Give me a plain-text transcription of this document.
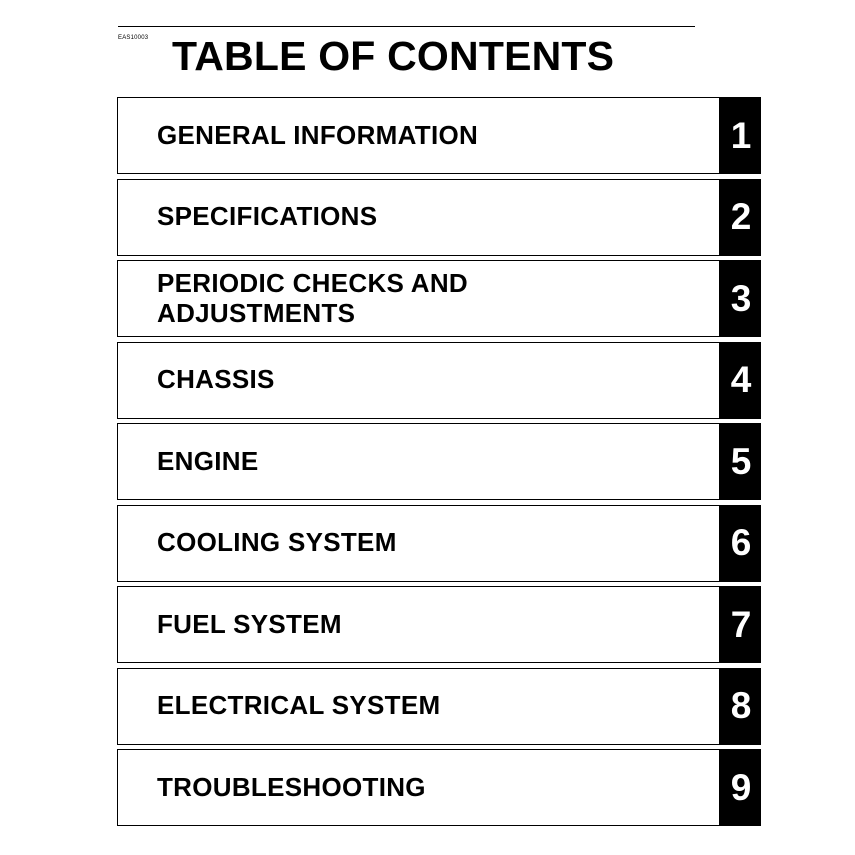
EAS10003 TABLE OF CONTENTS
GENERAL INFORMATION	1
SPECIFICATIONS	2
PERIODIC CHECKS AND
ADJUSTMENTS	3
CHASSIS	4
ENGINE	5
COOLING SYSTEM	6
FUEL SYSTEM	7
ELECTRICAL SYSTEM	8
TROUBLESHOOTING	9
